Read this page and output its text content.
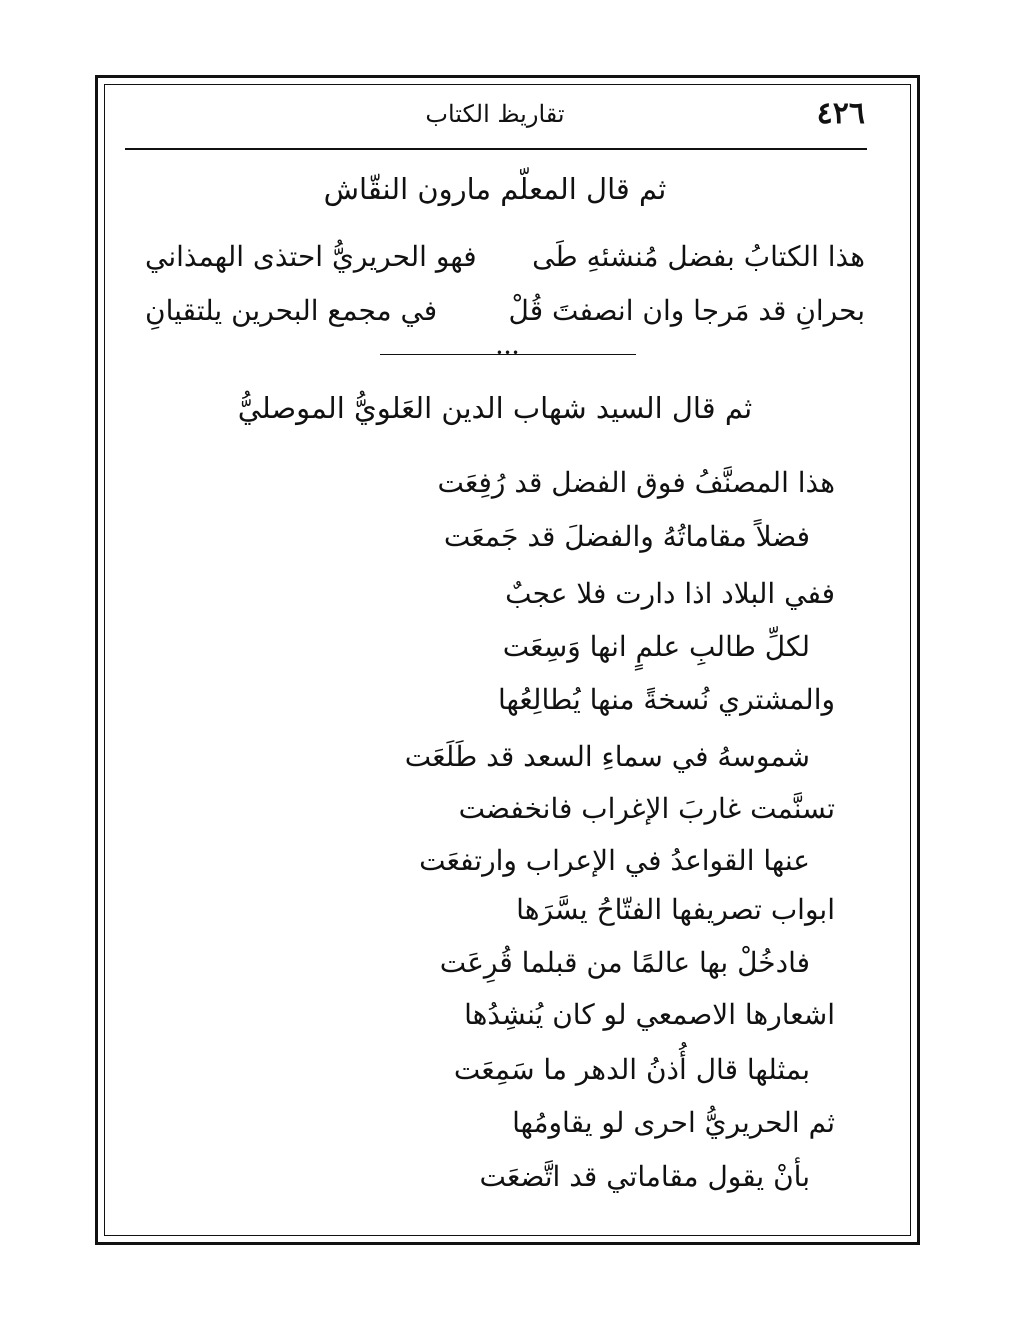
٤٢٦
تقاريظ الكتاب
ثم قال المعلّم مارون النقّاش
هذا الكتابُ بفضل مُنشئهِ طَى
فهو الحريريُّ احتذى الهمذاني
بحرانِ قد مَرجا وان انصفتَ قُلْ
في مجمع البحرين يلتقيانِ
•••
ثم قال السيد شهاب الدين العَلويُّ الموصليُّ
هذا المصنَّفُ فوق الفضل قد رُفِعَت
فضلاً مقاماتُهُ والفضلَ قد جَمعَت
ففي البلاد اذا دارت فلا عجبٌ
لكلِّ طالبِ علمٍ انها وَسِعَت
والمشتري نُسخةً منها يُطالِعُها
شموسهُ في سماءِ السعد قد طَلَعَت
تسنَّمت غاربَ الإغراب فانخفضت
عنها القواعدُ في الإعراب وارتفعَت
ابواب تصريفها الفتّاحُ يسَّرَها
فادخُلْ بها عالمًا من قبلما قُرِعَت
اشعارها الاصمعي لو كان يُنشِدُها
بمثلها قال أُذنُ الدهر ما سَمِعَت
ثم الحريريُّ احرى لو يقاومُها
بأنْ يقول مقاماتي قد اتَّضعَت
